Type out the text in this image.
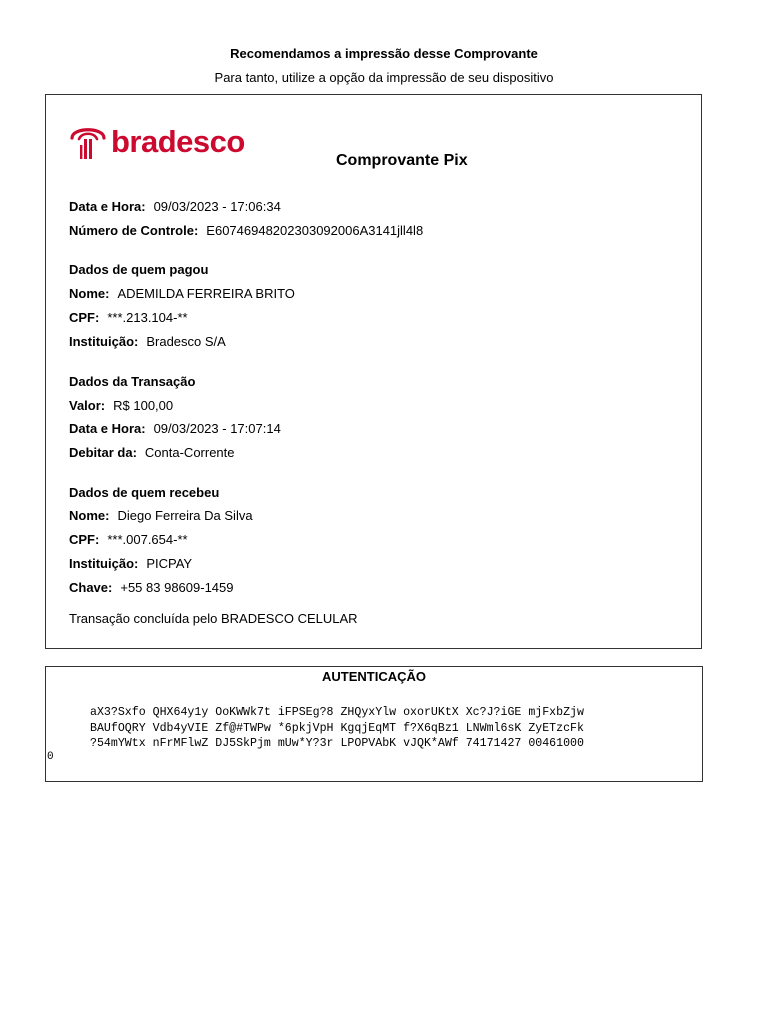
Recomendamos a impressão desse Comprovante
Para tanto, utilize a opção da impressão de seu dispositivo
bradesco
Comprovante Pix
Data e Hora: 09/03/2023 - 17:06:34
Número de Controle: E60746948202303092006A3141jll4l8
Dados de quem pagou
Nome: ADEMILDA FERREIRA BRITO
CPF: ***.213.104-**
Instituição: Bradesco S/A
Dados da Transação
Valor: R$ 100,00
Data e Hora: 09/03/2023 - 17:07:14
Debitar da: Conta-Corrente
Dados de quem recebeu
Nome: Diego Ferreira Da Silva
CPF: ***.007.654-**
Instituição: PICPAY
Chave: +55 83 98609-1459
Transação concluída pelo BRADESCO CELULAR
AUTENTICAÇÃO
aX3?Sxfo QHX64y1y OoKWWk7t iFPSEg?8 ZHQyxYlw oxorUKtX Xc?J?iGE mjFxbZjw
BAUfOQRY Vdb4yVIE Zf@#TWPw *6pkjVpH KgqjEqMT f?X6qBz1 LNWml6sK ZyETzcFk
?54mYWtx nFrMFlwZ DJ5SkPjm mUw*Y?3r LPOPVAbK vJQK*AWf 74171427 00461000
0
